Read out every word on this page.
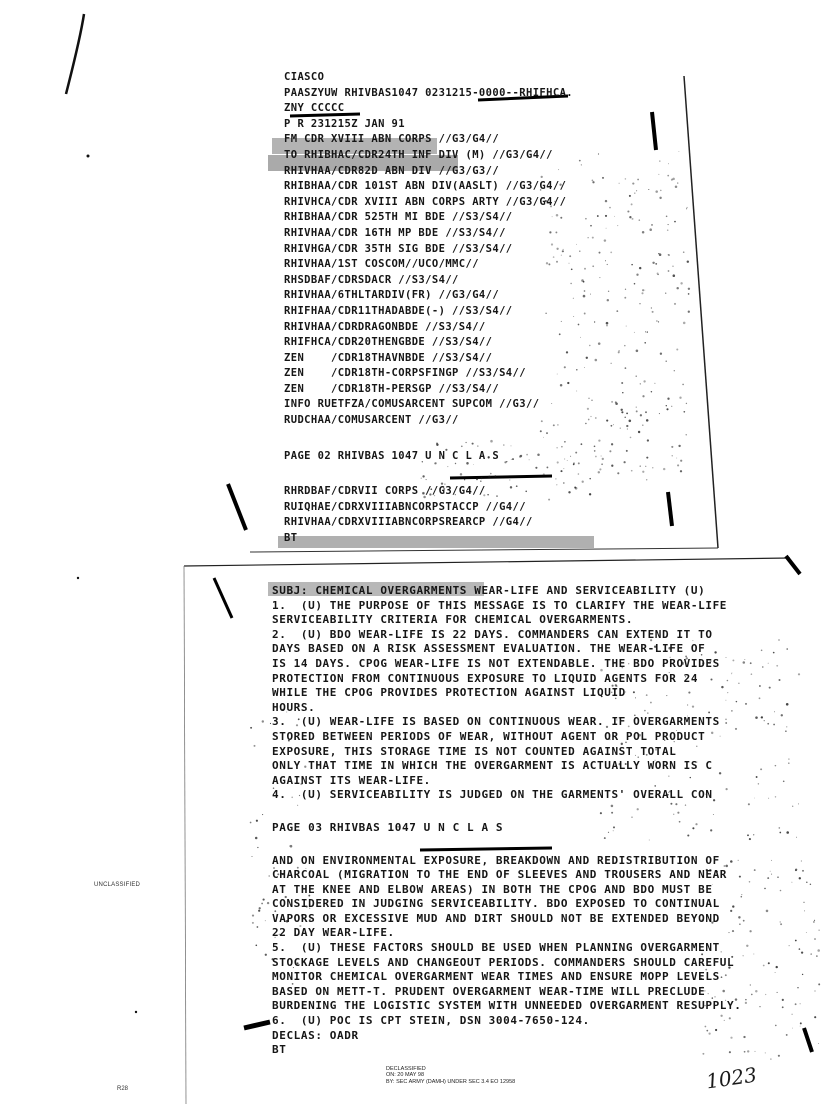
CIASCO
PAASZYUW RHIVBAS1047 0231215-0000--RHIFHCA.
ZNY CCCCC
P R 231215Z JAN 91
FM CDR XVIII ABN CORPS //G3/G4//
TO RHIBHAC/CDR24TH INF DIV (M) //G3/G4//
RHIVHAA/CDR82D ABN DIV //G3/G3//
RHIBHAA/CDR 101ST ABN DIV(AASLT) //G3/G4//
RHIVHCA/CDR XVIII ABN CORPS ARTY //G3/G4//
RHIBHAA/CDR 525TH MI BDE //S3/S4//
RHIVHAA/CDR 16TH MP BDE //S3/S4//
RHIVHGA/CDR 35TH SIG BDE //S3/S4//
RHIVHAA/1ST COSCOM//UCO/MMC//
RHSDBAF/CDRSDACR //S3/S4//
RHIVHAA/6THLTARDIV(FR) //G3/G4//
RHIFHAA/CDR11THADABDE(-) //S3/S4//
RHIVHAA/CDRDRAGONBDE //S3/S4//
RHIFHCA/CDR20THENGBDE //S3/S4//
ZEN    /CDR18THAVNBDE //S3/S4//
ZEN    /CDR18TH-CORPSFINGP //S3/S4//
ZEN    /CDR18TH-PERSGP //S3/S4//
INFO RUETFZA/COMUSARCENT SUPCOM //G3//
RUDCHAA/COMUSARCENT //G3//
PAGE 02 RHIVBAS 1047 U N C L A S
RHRDBAF/CDRVII CORPS //G3/G4//
RUIQHAE/CDRXVIIIABNCORPSTACCP //G4//
RHIVHAA/CDRXVIIIABNCORPSREARCP //G4//
BT
SUBJ: CHEMICAL OVERGARMENTS WEAR-LIFE AND SERVICEABILITY (U)
1.  (U) THE PURPOSE OF THIS MESSAGE IS TO CLARIFY THE WEAR-LIFE
SERVICEABILITY CRITERIA FOR CHEMICAL OVERGARMENTS.
2.  (U) BDO WEAR-LIFE IS 22 DAYS. COMMANDERS CAN EXTEND IT TO
DAYS BASED ON A RISK ASSESSMENT EVALUATION. THE WEAR-LIFE OF
IS 14 DAYS. CPOG WEAR-LIFE IS NOT EXTENDABLE. THE BDO PROVIDES
PROTECTION FROM CONTINUOUS EXPOSURE TO LIQUID AGENTS FOR 24
WHILE THE CPOG PROVIDES PROTECTION AGAINST LIQUID
HOURS.
3.  (U) WEAR-LIFE IS BASED ON CONTINUOUS WEAR. IF OVERGARMENTS
STORED BETWEEN PERIODS OF WEAR, WITHOUT AGENT OR POL PRODUCT
EXPOSURE, THIS STORAGE TIME IS NOT COUNTED AGAINST TOTAL
ONLY THAT TIME IN WHICH THE OVERGARMENT IS ACTUALLY WORN IS C
AGAINST ITS WEAR-LIFE.
4.  (U) SERVICEABILITY IS JUDGED ON THE GARMENTS' OVERALL CON
PAGE 03 RHIVBAS 1047 U N C L A S
AND ON ENVIRONMENTAL EXPOSURE, BREAKDOWN AND REDISTRIBUTION OF
CHARCOAL (MIGRATION TO THE END OF SLEEVES AND TROUSERS AND NEAR
AT THE KNEE AND ELBOW AREAS) IN BOTH THE CPOG AND BDO MUST BE
CONSIDERED IN JUDGING SERVICEABILITY. BDO EXPOSED TO CONTINUAL
VAPORS OR EXCESSIVE MUD AND DIRT SHOULD NOT BE EXTENDED BEYOND
22 DAY WEAR-LIFE.
5.  (U) THESE FACTORS SHOULD BE USED WHEN PLANNING OVERGARMENT
STOCKAGE LEVELS AND CHANGEOUT PERIODS. COMMANDERS SHOULD CAREFUL
MONITOR CHEMICAL OVERGARMENT WEAR TIMES AND ENSURE MOPP LEVELS
BASED ON METT-T. PRUDENT OVERGARMENT WEAR-TIME WILL PRECLUDE
BURDENING THE LOGISTIC SYSTEM WITH UNNEEDED OVERGARMENT RESUPPLY.
6.  (U) POC IS CPT STEIN, DSN 3004-7650-124.
DECLAS: OADR
BT
UNCLASSIFIED
DECLASSIFIED
ON: 20 MAY 98
BY: SEC ARMY (DAMH) UNDER SEC 3.4 EO 12958	1023
R28
